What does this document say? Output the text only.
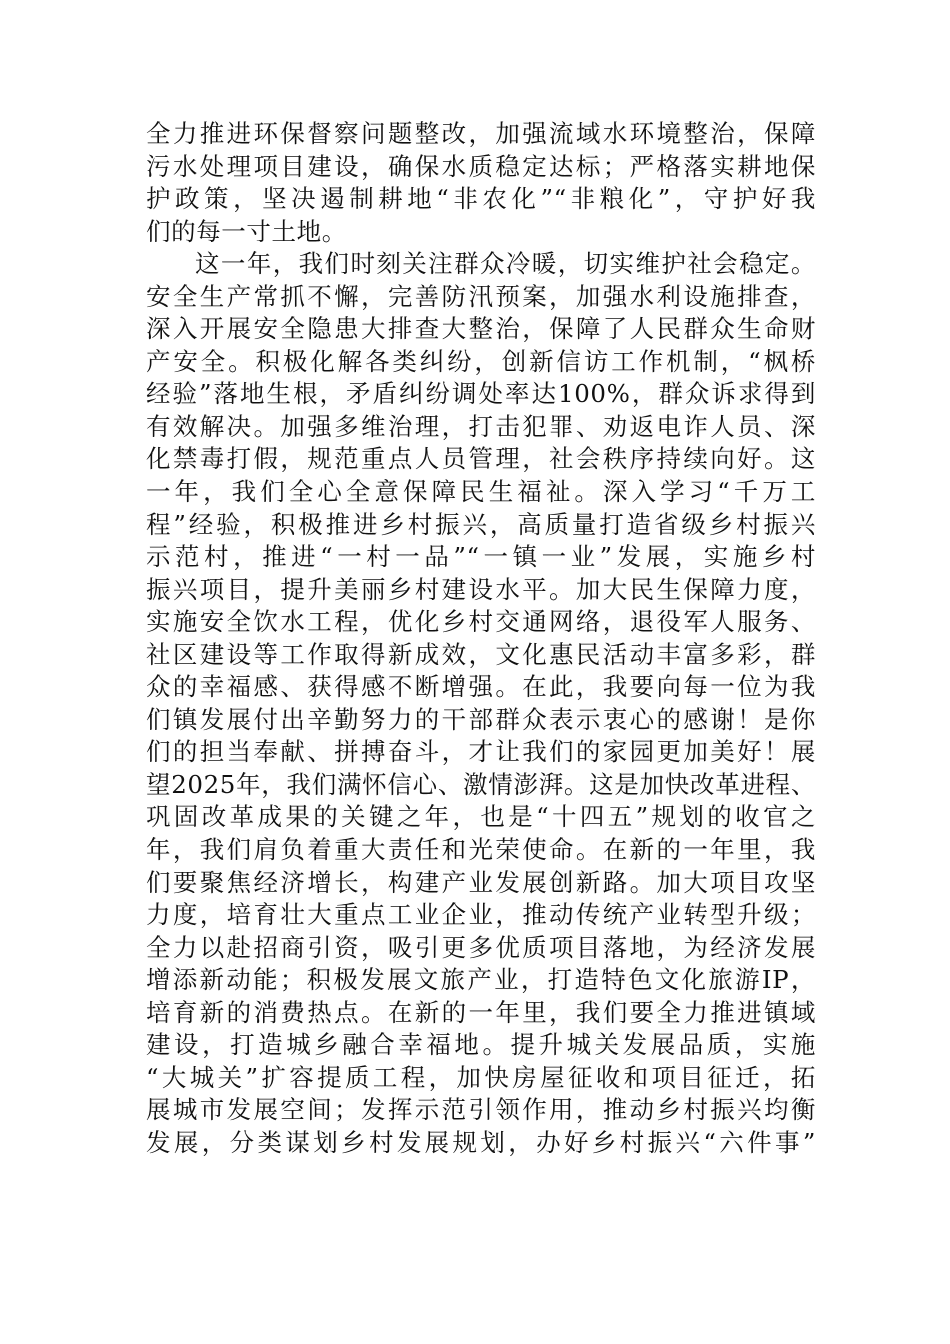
全力推进环保督察问题整改，加强流域水环境整治，保障
污水处理项目建设，确保水质稳定达标；严格落实耕地保
护政策，坚决遏制耕地“非农化”“非粮化”，守护好我
们的每一寸土地。
这一年，我们时刻关注群众冷暖，切实维护社会稳定。
安全生产常抓不懈，完善防汛预案，加强水利设施排查，
深入开展安全隐患大排查大整治，保障了人民群众生命财
产安全。积极化解各类纠纷，创新信访工作机制，“枫桥
经验”落地生根，矛盾纠纷调处率达100%，群众诉求得到
有效解决。加强多维治理，打击犯罪、劝返电诈人员、深
化禁毒打假，规范重点人员管理，社会秩序持续向好。这
一年，我们全心全意保障民生福祉。深入学习“千万工
程”经验，积极推进乡村振兴，高质量打造省级乡村振兴
示范村，推进“一村一品”“一镇一业”发展，实施乡村
振兴项目，提升美丽乡村建设水平。加大民生保障力度，
实施安全饮水工程，优化乡村交通网络，退役军人服务、
社区建设等工作取得新成效，文化惠民活动丰富多彩，群
众的幸福感、获得感不断增强。在此，我要向每一位为我
们镇发展付出辛勤努力的干部群众表示衷心的感谢！是你
们的担当奉献、拼搏奋斗，才让我们的家园更加美好！展
望2025年，我们满怀信心、激情澎湃。这是加快改革进程、
巩固改革成果的关键之年，也是“十四五”规划的收官之
年，我们肩负着重大责任和光荣使命。在新的一年里，我
们要聚焦经济增长，构建产业发展创新路。加大项目攻坚
力度，培育壮大重点工业企业，推动传统产业转型升级；
全力以赴招商引资，吸引更多优质项目落地，为经济发展
增添新动能；积极发展文旅产业，打造特色文化旅游IP，
培育新的消费热点。在新的一年里，我们要全力推进镇域
建设，打造城乡融合幸福地。提升城关发展品质，实施
“大城关”扩容提质工程，加快房屋征收和项目征迁，拓
展城市发展空间；发挥示范引领作用，推动乡村振兴均衡
发展，分类谋划乡村发展规划，办好乡村振兴“六件事”
